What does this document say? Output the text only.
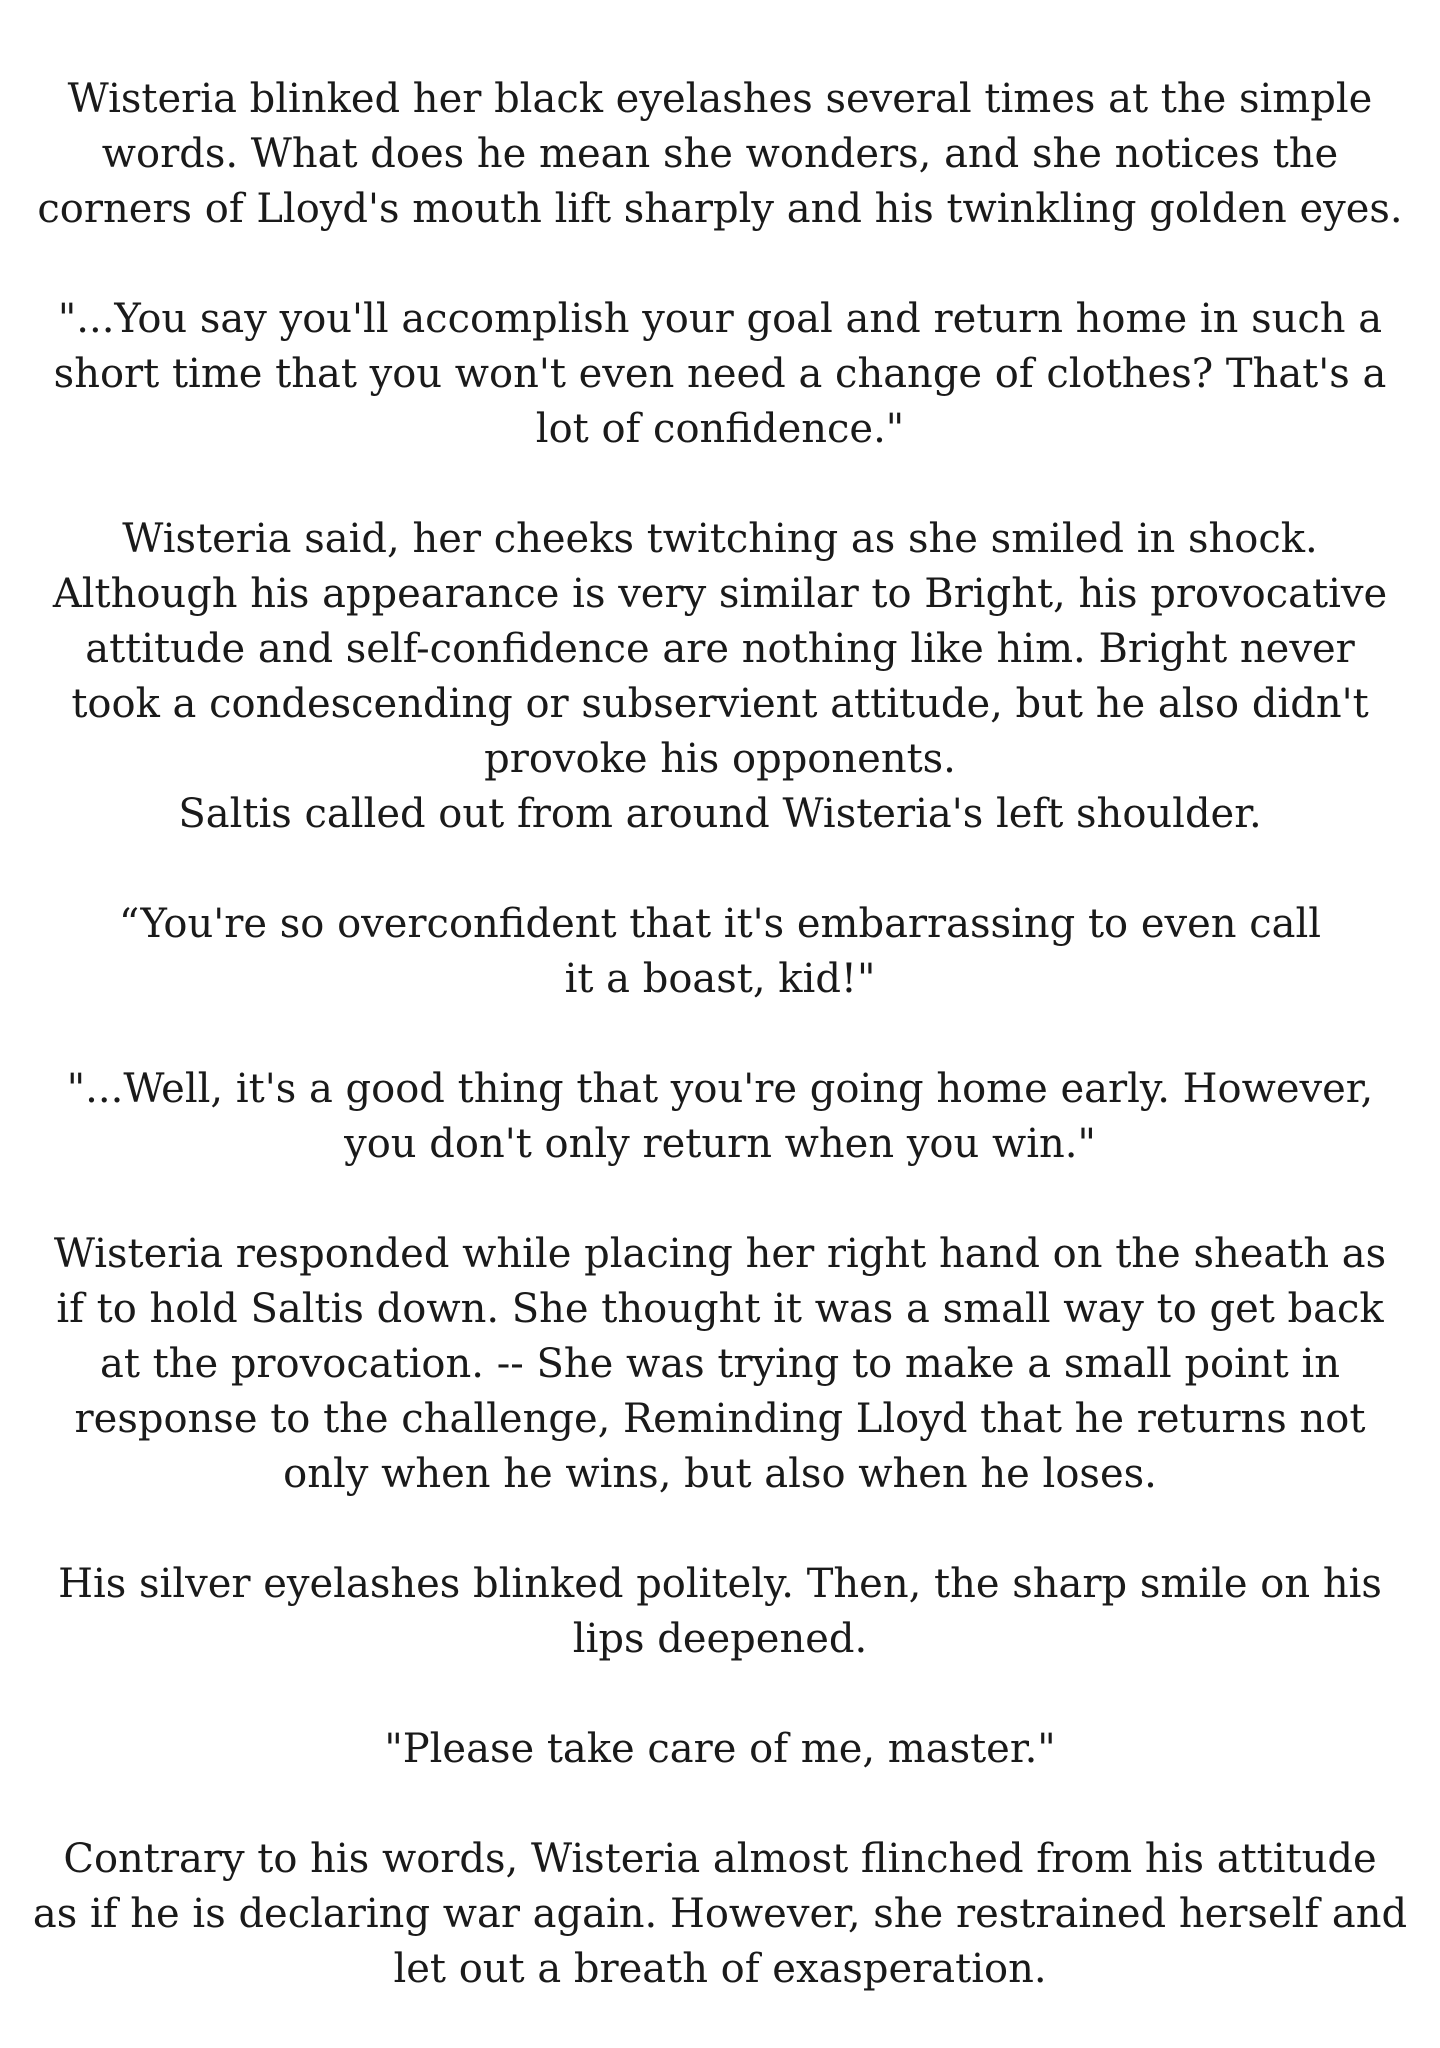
Wisteria blinked her black eyelashes several times at the simple
words. What does he mean she wonders, and she notices the
corners of Lloyd's mouth lift sharply and his twinkling golden eyes.

"...You say you'll accomplish your goal and return home in such a
short time that you won't even need a change of clothes? That's a
lot of confidence."

Wisteria said, her cheeks twitching as she smiled in shock.
Although his appearance is very similar to Bright, his provocative
attitude and self-confidence are nothing like him. Bright never
took a condescending or subservient attitude, but he also didn't
provoke his opponents.

Saltis called out from around Wisteria's left shoulder.

“You're so overconfident that it's embarrassing to even call
it a boast, kid!"

"...Well, it's a good thing that you're going home early. However,
you don't only return when you win."

Wisteria responded while placing her right hand on the sheath as
if to hold Saltis down. She thought it was a small way to get back
at the provocation. -- She was trying to make a small point in
response to the challenge, Reminding Lloyd that he returns not
only when he wins, but also when he loses.

His silver eyelashes blinked politely. Then, the sharp smile on his
lips deepened.

"Please take care of me, master."

Contrary to his words, Wisteria almost flinched from his attitude
as if he is declaring war again. However, she restrained herself and
let out a breath of exasperation.
